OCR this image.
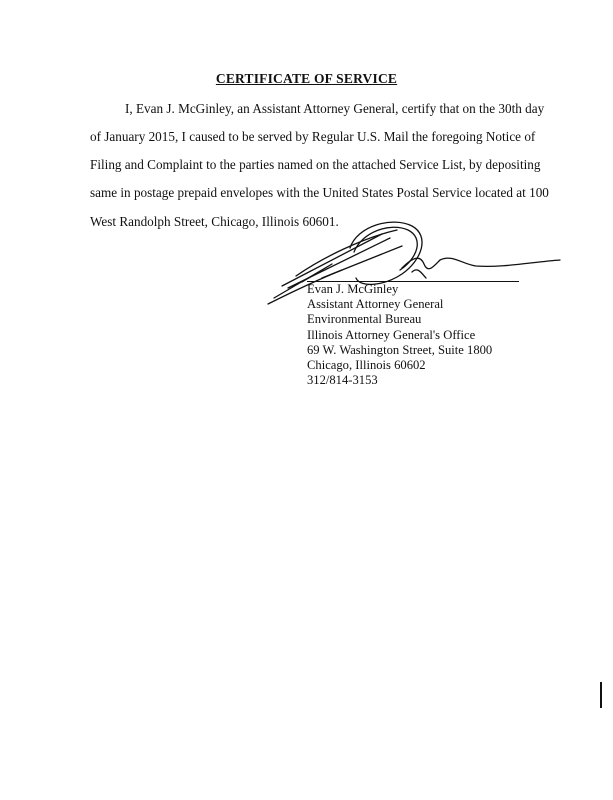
CERTIFICATE OF SERVICE
I, Evan J. McGinley, an Assistant Attorney General, certify that on the 30th day
of January 2015, I caused to be served by Regular U.S. Mail the foregoing Notice of
Filing and Complaint to the parties named on the attached Service List, by depositing
same in postage prepaid envelopes with the United States Postal Service located at 100
West Randolph Street, Chicago, Illinois 60601.
Evan J. McGinley
Assistant Attorney General
Environmental Bureau
Illinois Attorney General's Office
69 W. Washington Street, Suite 1800
Chicago, Illinois 60602
312/814-3153
